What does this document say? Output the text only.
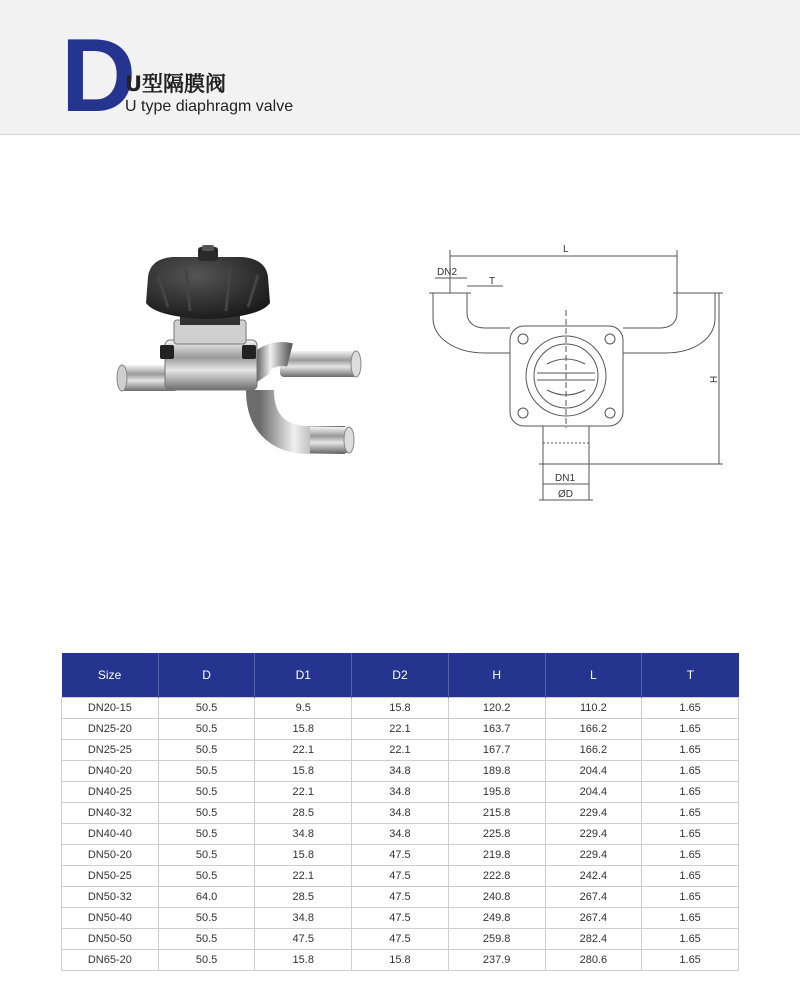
D
U型隔膜阀
U type diaphragm valve
L
DN2
T
H
DN1
ØD
Size	D	D1	D2	H	L	T
DN20-15	50.5	9.5	15.8	120.2	110.2	1.65
DN25-20	50.5	15.8	22.1	163.7	166.2	1.65
DN25-25	50.5	22.1	22.1	167.7	166.2	1.65
DN40-20	50.5	15.8	34.8	189.8	204.4	1.65
DN40-25	50.5	22.1	34.8	195.8	204.4	1.65
DN40-32	50.5	28.5	34.8	215.8	229.4	1.65
DN40-40	50.5	34.8	34.8	225.8	229.4	1.65
DN50-20	50.5	15.8	47.5	219.8	229.4	1.65
DN50-25	50.5	22.1	47.5	222.8	242.4	1.65
DN50-32	64.0	28.5	47.5	240.8	267.4	1.65
DN50-40	50.5	34.8	47.5	249.8	267.4	1.65
DN50-50	50.5	47.5	47.5	259.8	282.4	1.65
DN65-20	50.5	15.8	15.8	237.9	280.6	1.65
